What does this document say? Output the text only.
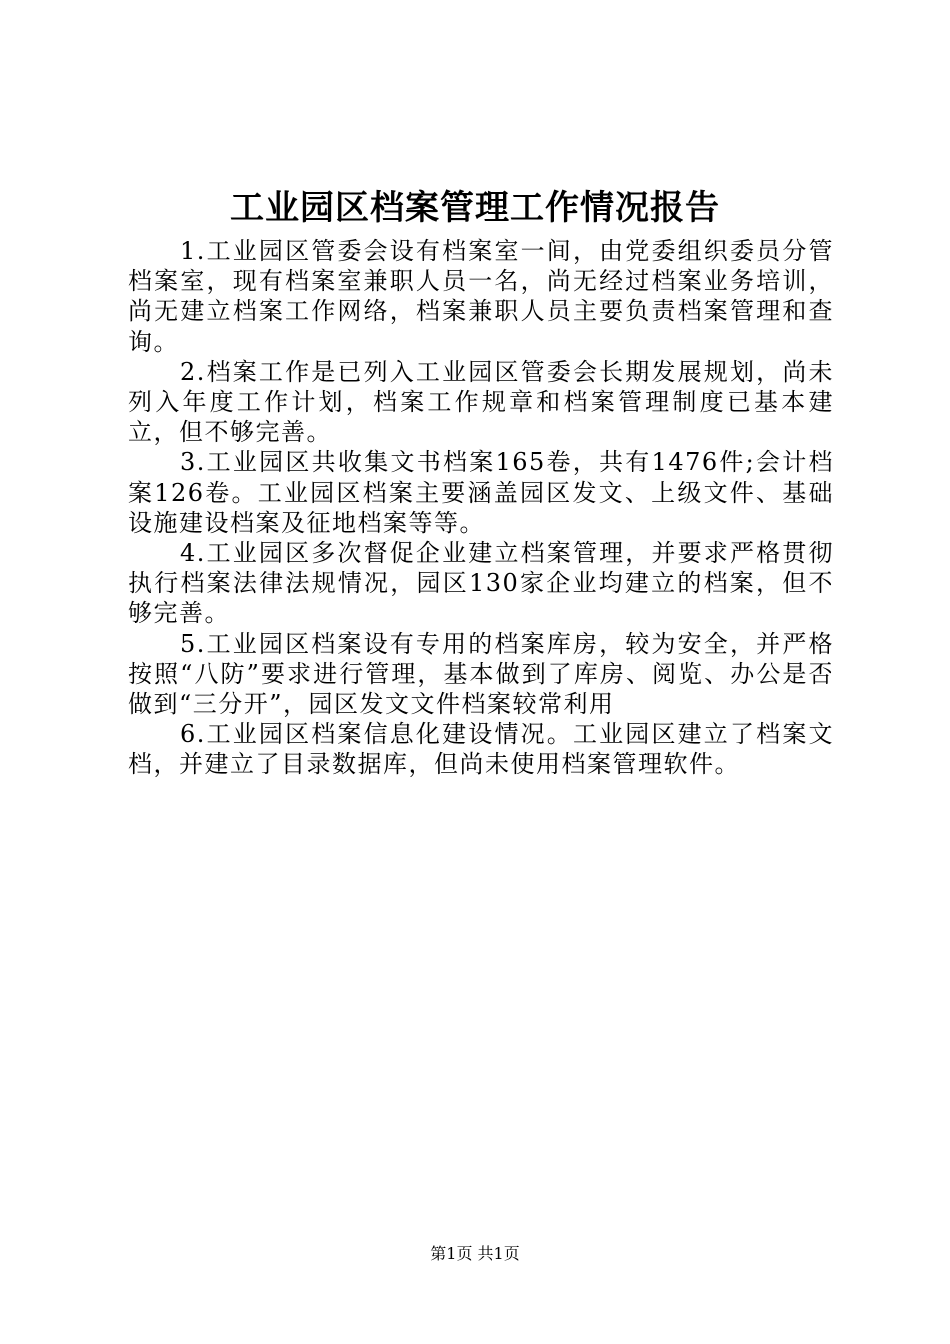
工业园区档案管理工作情况报告

1.工业园区管委会设有档案室一间，由党委组织委员分管档案室，现有档案室兼职人员一名，尚无经过档案业务培训，尚无建立档案工作网络，档案兼职人员主要负责档案管理和查询。

2.档案工作是已列入工业园区管委会长期发展规划，尚未列入年度工作计划，档案工作规章和档案管理制度已基本建立，但不够完善。

3.工业园区共收集文书档案165卷，共有1476件;会计档案126卷。工业园区档案主要涵盖园区发文、上级文件、基础设施建设档案及征地档案等等。

4.工业园区多次督促企业建立档案管理，并要求严格贯彻执行档案法律法规情况，园区130家企业均建立的档案，但不够完善。

5.工业园区档案设有专用的档案库房，较为安全，并严格按照“八防”要求进行管理，基本做到了库房、阅览、办公是否做到“三分开”，园区发文文件档案较常利用

6.工业园区档案信息化建设情况。工业园区建立了档案文档，并建立了目录数据库，但尚未使用档案管理软件。

第1页 共1页
